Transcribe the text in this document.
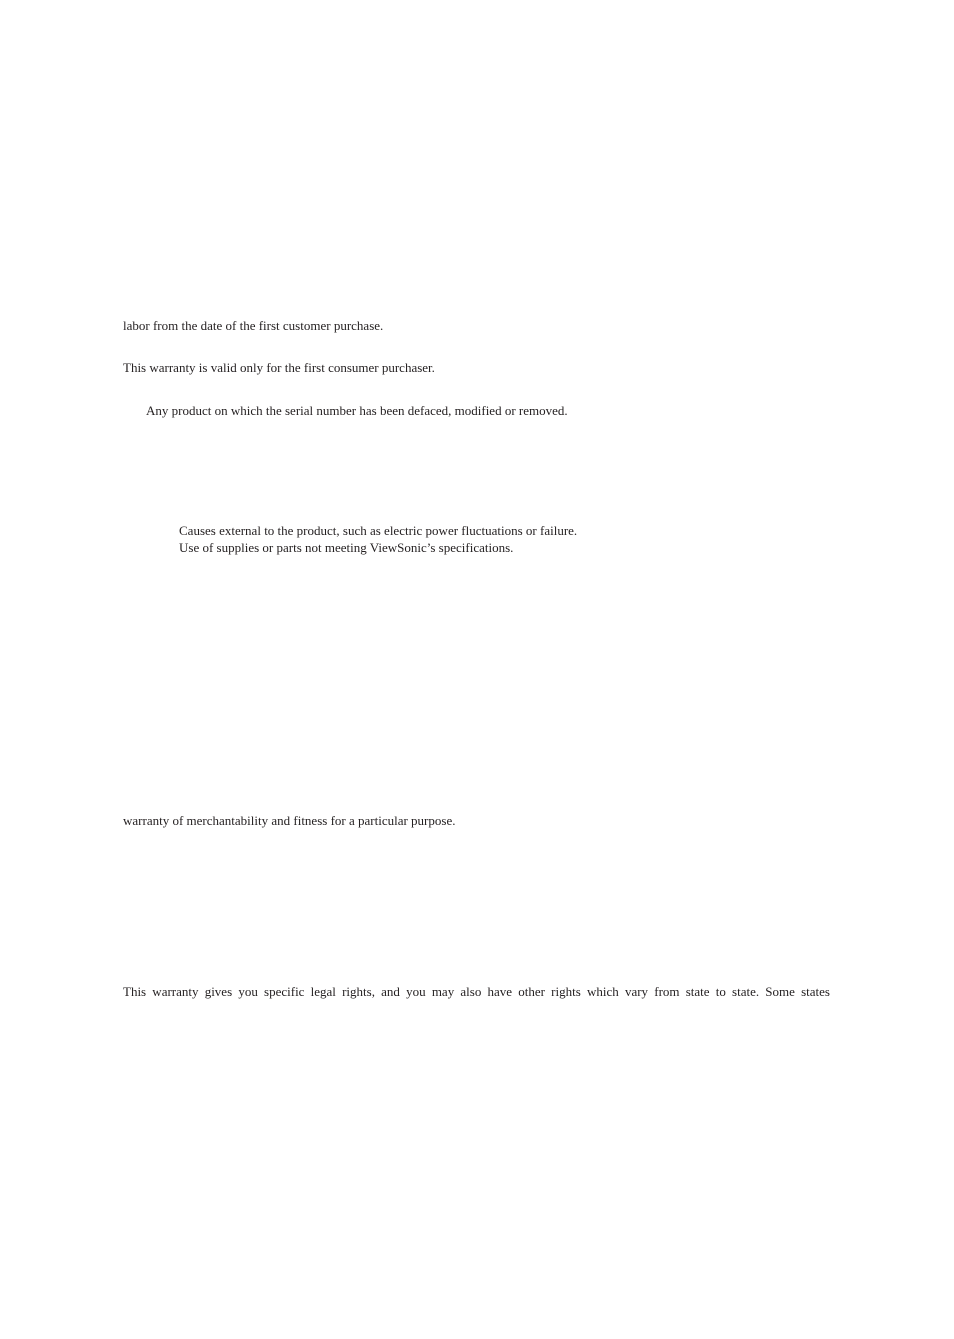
labor from the date of the first customer purchase.

This warranty is valid only for the first consumer purchaser.

Any product on which the serial number has been defaced, modified or removed.

Causes external to the product, such as electric power fluctuations or failure.

Use of supplies or parts not meeting ViewSonic’s specifications.

warranty of merchantability and fitness for a particular purpose.

This warranty gives you specific legal rights, and you may also have other rights which vary from state to state. Some states
